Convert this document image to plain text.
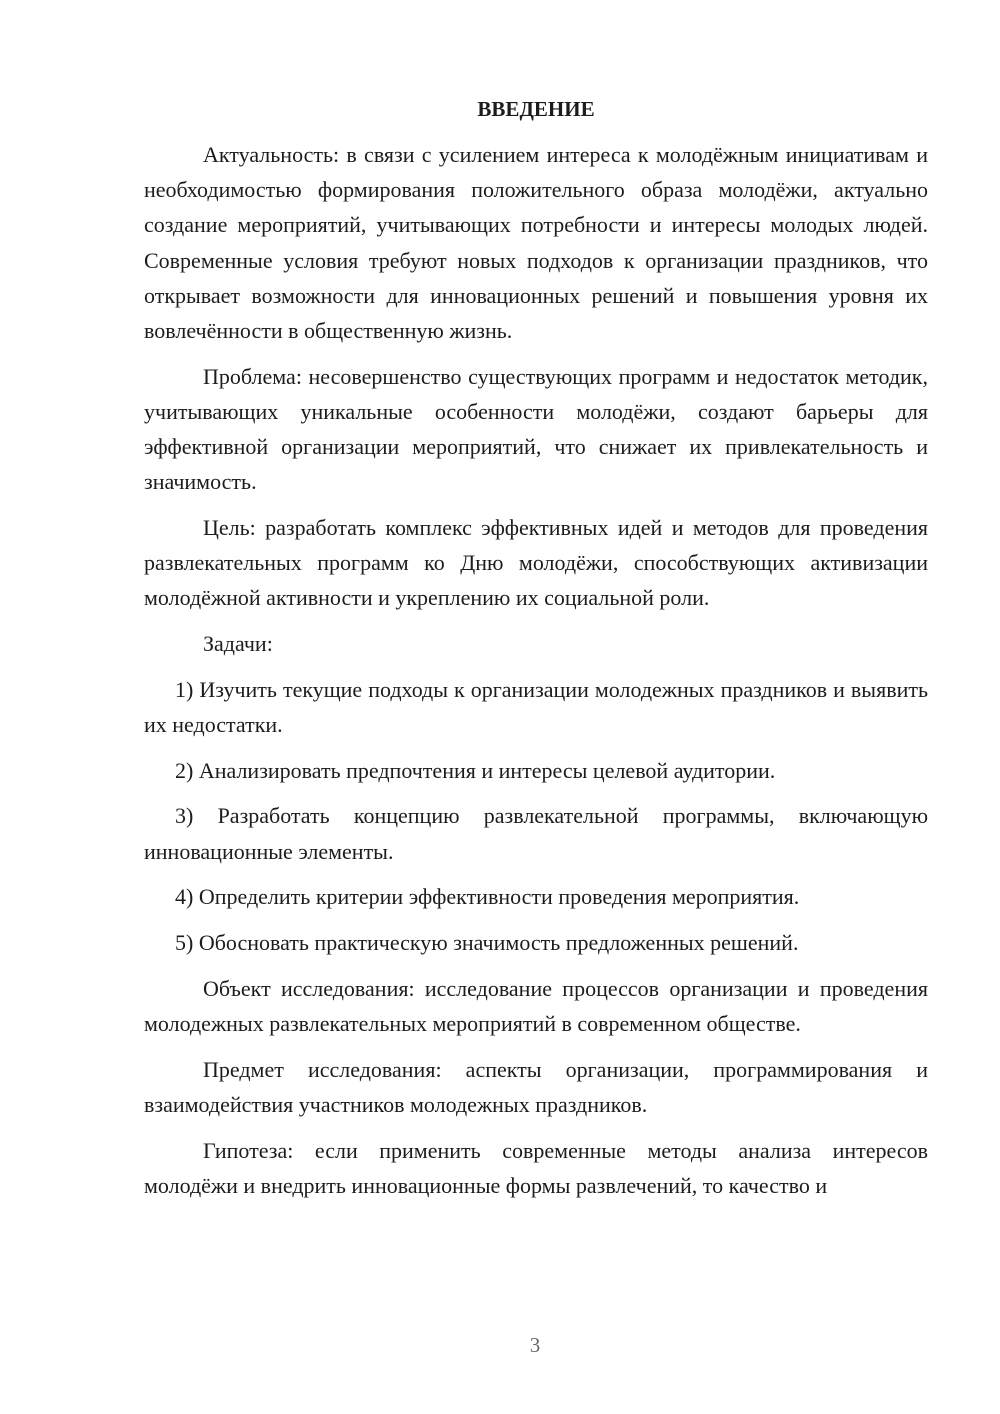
ВВЕДЕНИЕ

Актуальность: в связи с усилением интереса к молодёжным инициативам и необходимостью формирования положительного образа молодёжи, актуально создание мероприятий, учитывающих потребности и интересы молодых людей. Современные условия требуют новых подходов к организации праздников, что открывает возможности для инновационных решений и повышения уровня их вовлечённости в общественную жизнь.

Проблема: несовершенство существующих программ и недостаток методик, учитывающих уникальные особенности молодёжи, создают барьеры для эффективной организации мероприятий, что снижает их привлекательность и значимость.

Цель: разработать комплекс эффективных идей и методов для проведения развлекательных программ ко Дню молодёжи, способствующих активизации молодёжной активности и укреплению их социальной роли.

Задачи:

1) Изучить текущие подходы к организации молодежных праздников и выявить их недостатки.

2) Анализировать предпочтения и интересы целевой аудитории.

3) Разработать концепцию развлекательной программы, включающую инновационные элементы.

4) Определить критерии эффективности проведения мероприятия.

5) Обосновать практическую значимость предложенных решений.

Объект исследования: исследование процессов организации и проведения молодежных развлекательных мероприятий в современном обществе.

Предмет исследования: аспекты организации, программирования и взаимодействия участников молодежных праздников.

Гипотеза: если применить современные методы анализа интересов молодёжи и внедрить инновационные формы развлечений, то качество и

3
